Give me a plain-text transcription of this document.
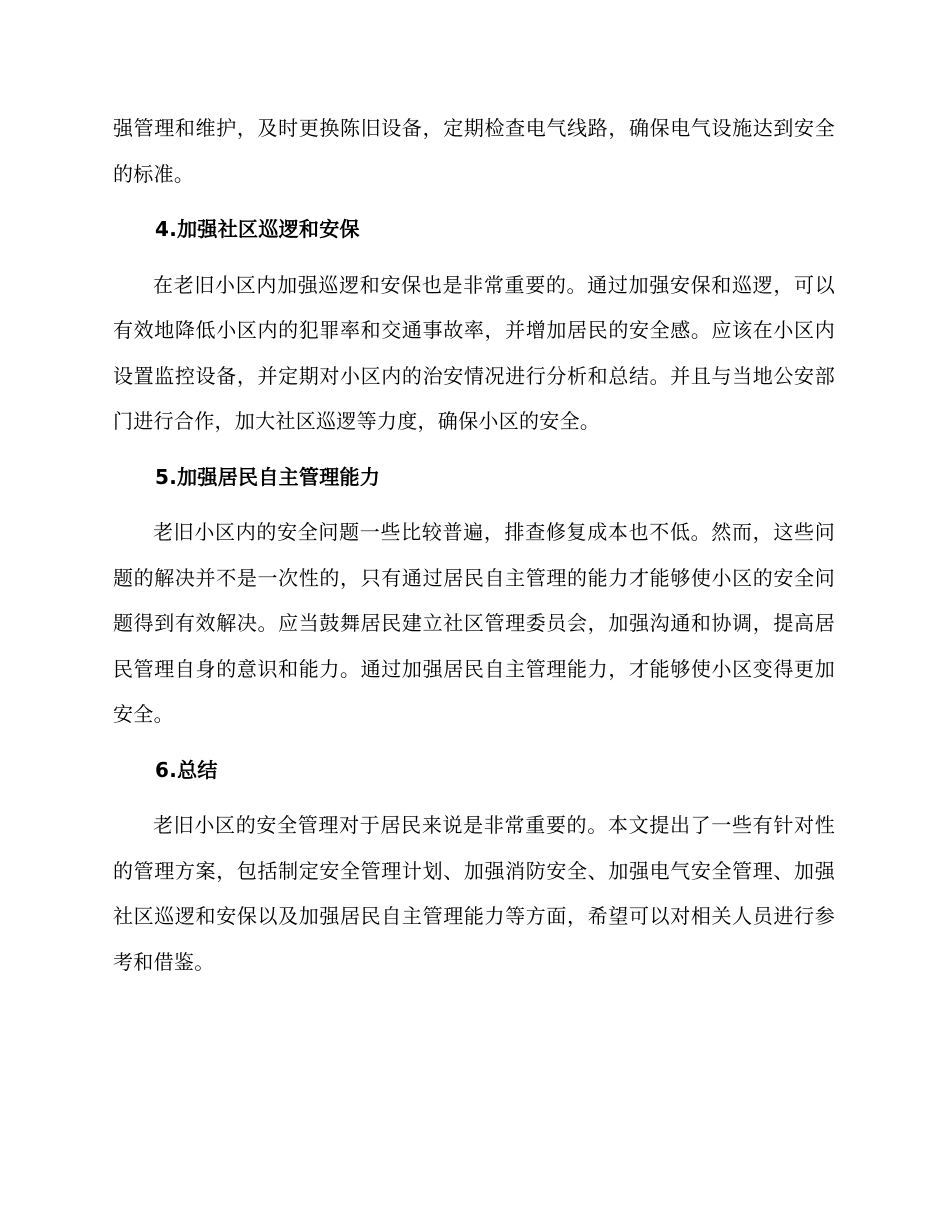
强管理和维护，及时更换陈旧设备，定期检查电气线路，确保电气设施达到安全的标准。

4.加强社区巡逻和安保

在老旧小区内加强巡逻和安保也是非常重要的。通过加强安保和巡逻，可以有效地降低小区内的犯罪率和交通事故率，并增加居民的安全感。应该在小区内设置监控设备，并定期对小区内的治安情况进行分析和总结。并且与当地公安部门进行合作，加大社区巡逻等力度，确保小区的安全。

5.加强居民自主管理能力

老旧小区内的安全问题一些比较普遍，排查修复成本也不低。然而，这些问题的解决并不是一次性的，只有通过居民自主管理的能力才能够使小区的安全问题得到有效解决。应当鼓舞居民建立社区管理委员会，加强沟通和协调，提高居民管理自身的意识和能力。通过加强居民自主管理能力，才能够使小区变得更加安全。

6.总结

老旧小区的安全管理对于居民来说是非常重要的。本文提出了一些有针对性的管理方案，包括制定安全管理计划、加强消防安全、加强电气安全管理、加强社区巡逻和安保以及加强居民自主管理能力等方面，希望可以对相关人员进行参考和借鉴。
